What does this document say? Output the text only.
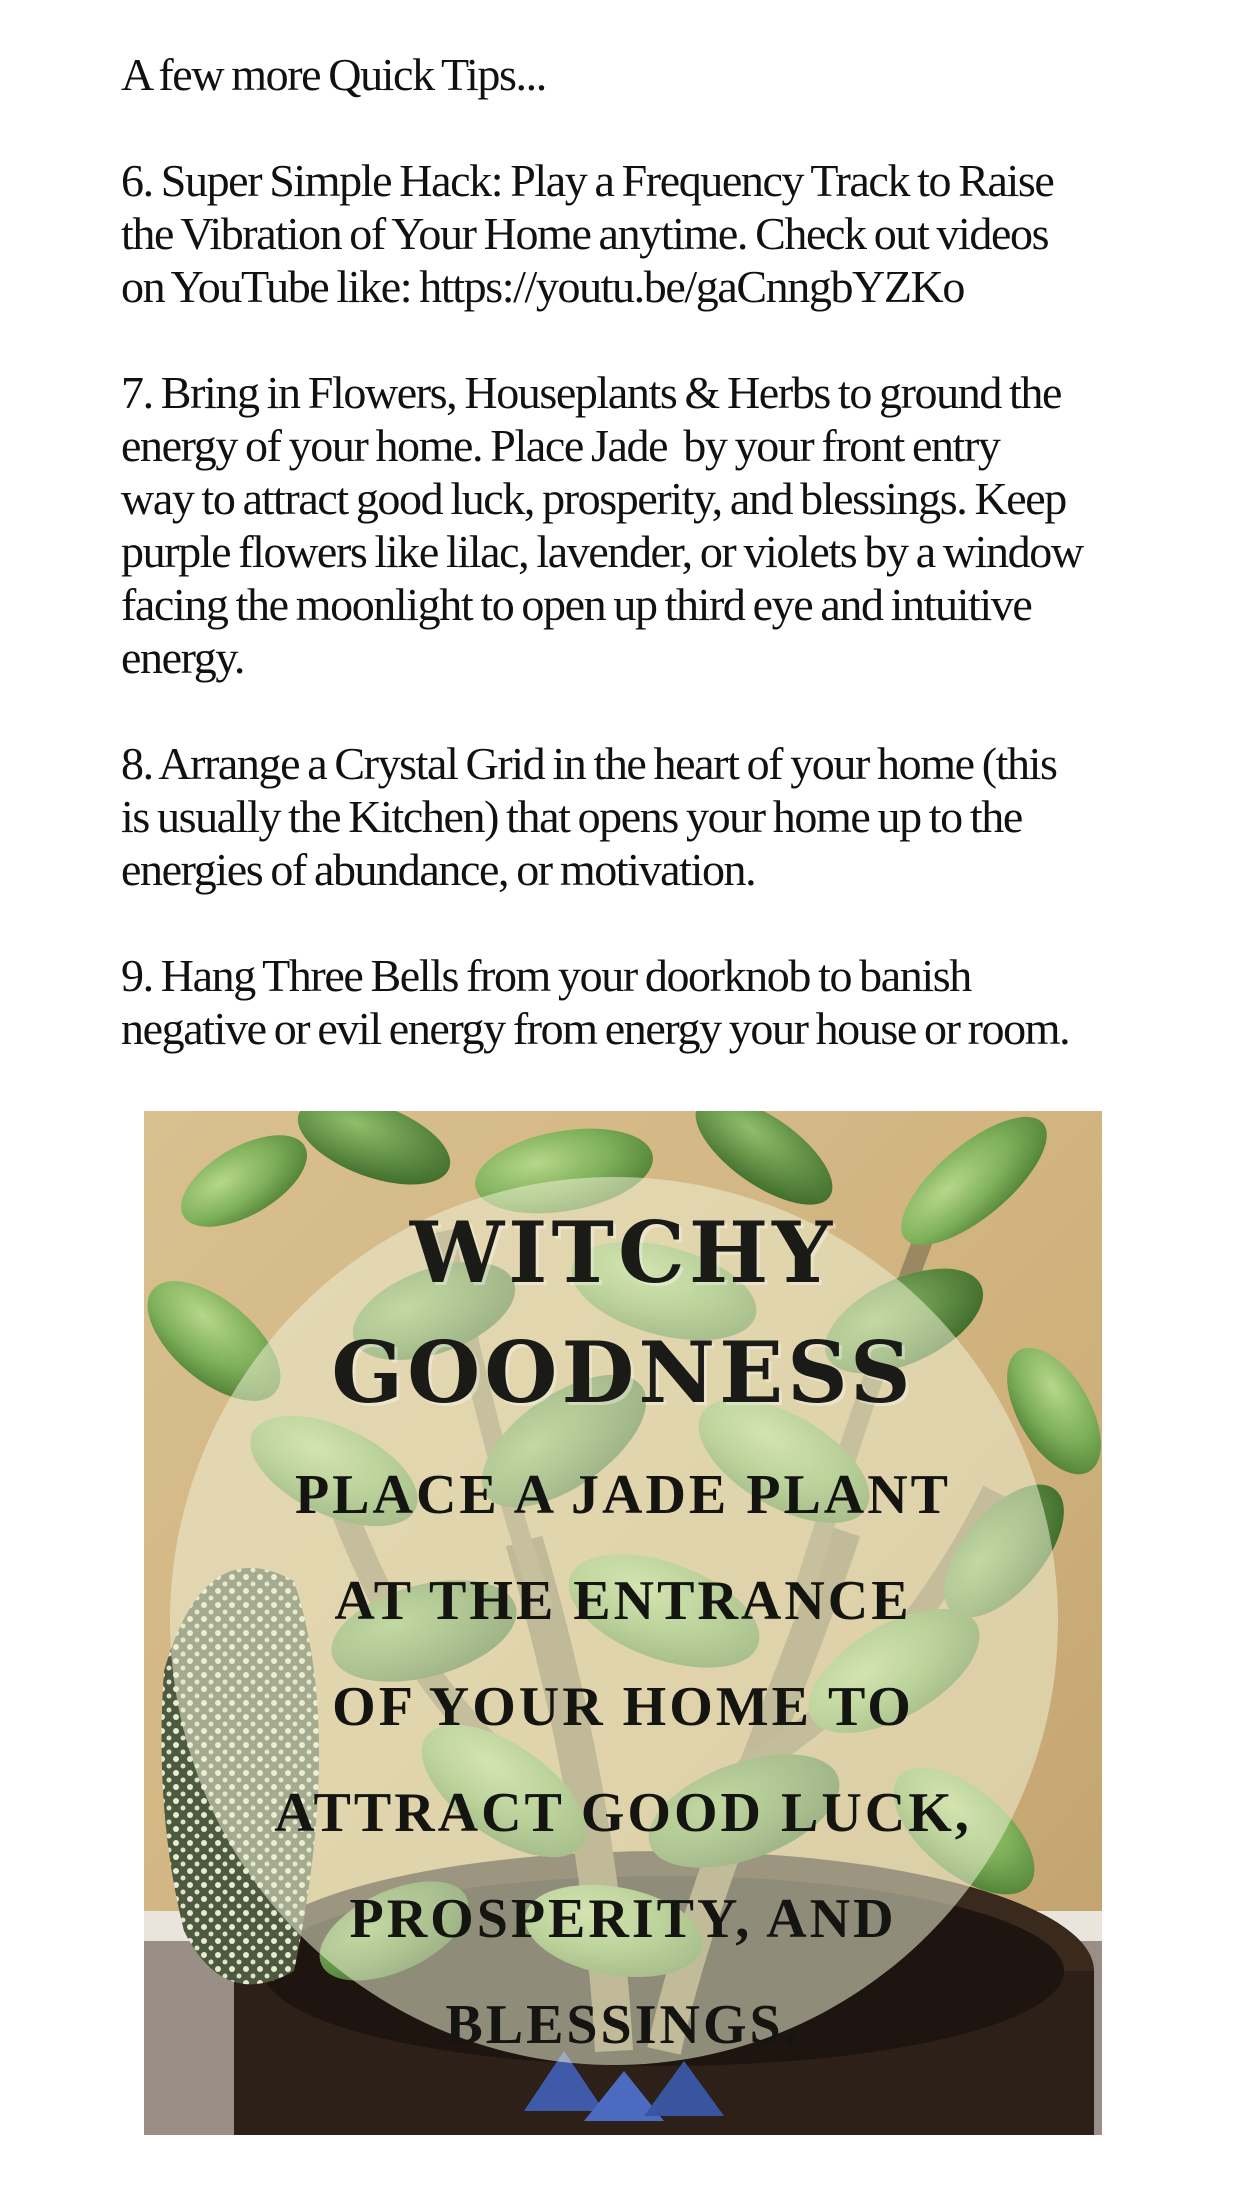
A few more Quick Tips...

6. Super Simple Hack: Play a Frequency Track to Raise
the Vibration of Your Home anytime. Check out videos
on YouTube like: https://youtu.be/gaCnngbYZKo

7. Bring in Flowers, Houseplants & Herbs to ground the
energy of your home. Place Jade  by your front entry
way to attract good luck, prosperity, and blessings. Keep
purple flowers like lilac, lavender, or violets by a window
facing the moonlight to open up third eye and intuitive
energy.

8. Arrange a Crystal Grid in the heart of your home (this
is usually the Kitchen) that opens your home up to the
energies of abundance, or motivation.

9. Hang Three Bells from your doorknob to banish
negative or evil energy from energy your house or room.

WITCHY
GOODNESS
PLACE A JADE PLANT
AT THE ENTRANCE
OF YOUR HOME TO
ATTRACT GOOD LUCK,
PROSPERITY, AND
BLESSINGS.
